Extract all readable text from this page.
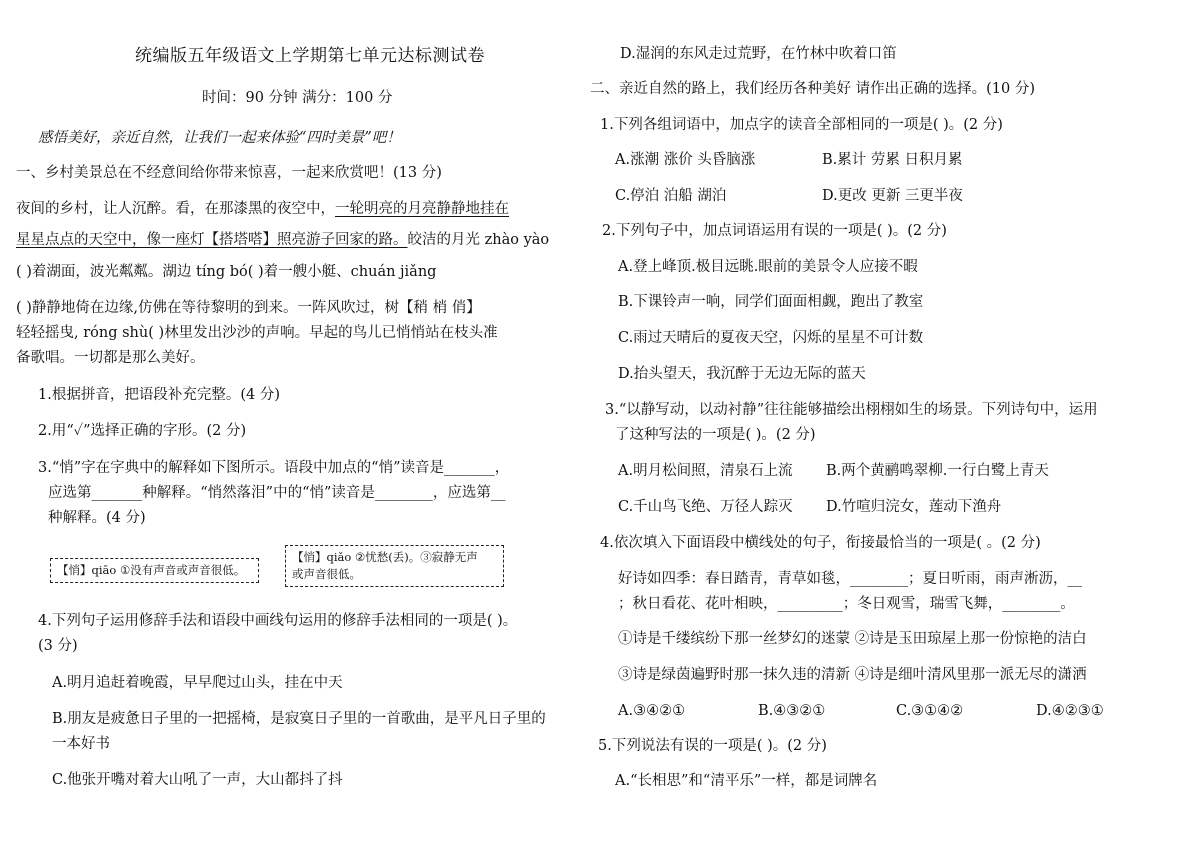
统编版五年级语文上学期第七单元达标测试卷
时间：90 分钟 满分：100 分
感悟美好，亲近自然，让我们一起来体验“四时美景”吧！
一、乡村美景总在不经意间给你带来惊喜，一起来欣赏吧！(13 分)
夜间的乡村，让人沉醉。看，在那漆黑的夜空中，一轮明亮的月亮静静地挂在
星星点点的天空中，像一座灯【搭塔嗒】照亮游子回家的路。皎洁的月光 zhào yào
( )着湖面，波光粼粼。湖边 tíng bó( )着一艘小艇、chuán jiǎng
( )静静地倚在边缘,仿佛在等待黎明的到来。一阵风吹过，树【稍 梢 俏】
轻轻摇曳, róng shù( )林里发出沙沙的声响。早起的鸟儿已悄悄站在枝头准
备歌唱。一切都是那么美好。
1.根据拼音，把语段补充完整。(4 分)
2.用“✓”选择正确的字形。(2 分)
3.“悄”字在字典中的解释如下图所示。语段中加点的“悄”读音是_______，
应选第_______种解释。“悄然落泪”中的“悄”读音是________，应选第__
种解释。(4 分)
【悄】qiāo ①没有声音或声音很低。
【悄】qiǎo ②忧愁(丢)。③寂静无声
或声音很低。
4.下列句子运用修辞手法和语段中画线句运用的修辞手法相同的一项是( )。
(3 分)
A.明月追赶着晚霞，早早爬过山头，挂在中天
B.朋友是疲惫日子里的一把摇椅，是寂寞日子里的一首歌曲，是平凡日子里的
一本好书
C.他张开嘴对着大山吼了一声，大山都抖了抖
D.湿润的东风走过荒野，在竹林中吹着口笛
二、亲近自然的路上，我们经历各种美好 请作出正确的选择。(10 分)
1.下列各组词语中，加点字的读音全部相同的一项是( )。(2 分)
A.涨潮 涨价 头昏脑涨	B.累计 劳累 日积月累
C.停泊 泊船 湖泊	D.更改 更新 三更半夜
2.下列句子中，加点词语运用有误的一项是( )。(2 分)
A.登上峰顶.极目远眺.眼前的美景令人应接不暇
B.下课铃声一响，同学们面面相觑，跑出了教室
C.雨过天晴后的夏夜天空，闪烁的星星不可计数
D.抬头望天，我沉醉于无边无际的蓝天
3.“以静写动，以动衬静”往往能够描绘出栩栩如生的场景。下列诗句中，运用
了这种写法的一项是( )。(2 分)
A.明月松间照，清泉石上流 B.两个黄鹂鸣翠柳.一行白鹭上青天
C.千山鸟飞绝、万径人踪灭 D.竹喧归浣女，莲动下渔舟
4.依次填入下面语段中横线处的句子，衔接最恰当的一项是( 。(2 分)
好诗如四季：春日踏青，青草如毯，________；夏日听雨，雨声淅沥，__
；秋日看花、花叶相映，_________；冬日观雪，瑞雪飞舞，________。
①诗是千缕缤纷下那一丝梦幻的迷蒙 ②诗是玉田琼屋上那一份惊艳的洁白
③诗是绿茵遍野时那一抹久违的清新 ④诗是细叶清风里那一派无尽的潇洒
A.③④②①	B.④③②①	C.③①④②	D.④②③①
5.下列说法有误的一项是( )。(2 分)
A.“长相思”和“清平乐”一样，都是词牌名
